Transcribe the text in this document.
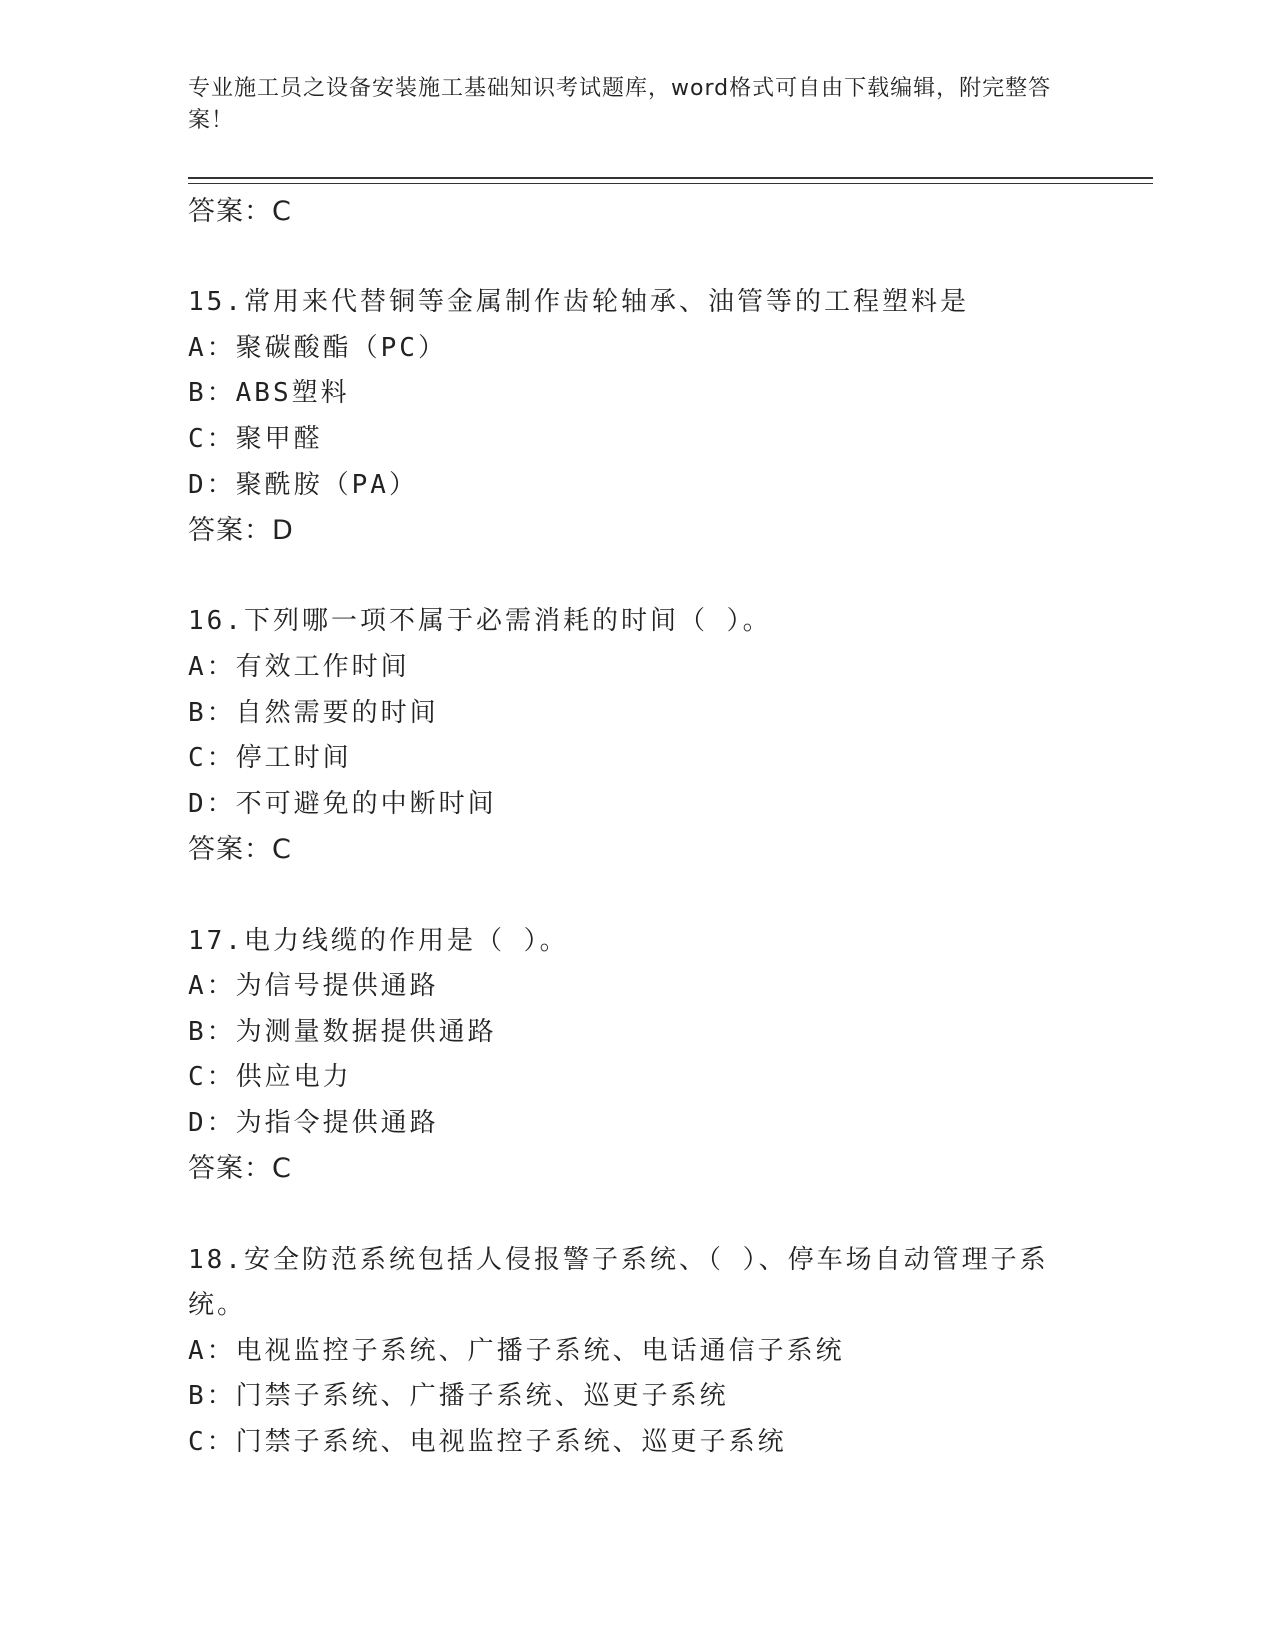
专业施工员之设备安装施工基础知识考试题库，word格式可自由下载编辑，附完整答案！
答案：C
15.常用来代替铜等金属制作齿轮轴承、油管等的工程塑料是
A：聚碳酸酯（PC）
B：ABS塑料
C：聚甲醛
D：聚酰胺（PA）
答案：D
16.下列哪一项不属于必需消耗的时间（ ）。
A：有效工作时间
B：自然需要的时间
C：停工时间
D：不可避免的中断时间
答案：C
17.电力线缆的作用是（ ）。
A：为信号提供通路
B：为测量数据提供通路
C：供应电力
D：为指令提供通路
答案：C
18.安全防范系统包括人侵报警子系统、（ ）、停车场自动管理子系统。
A：电视监控子系统、广播子系统、电话通信子系统
B：门禁子系统、广播子系统、巡更子系统
C：门禁子系统、电视监控子系统、巡更子系统
